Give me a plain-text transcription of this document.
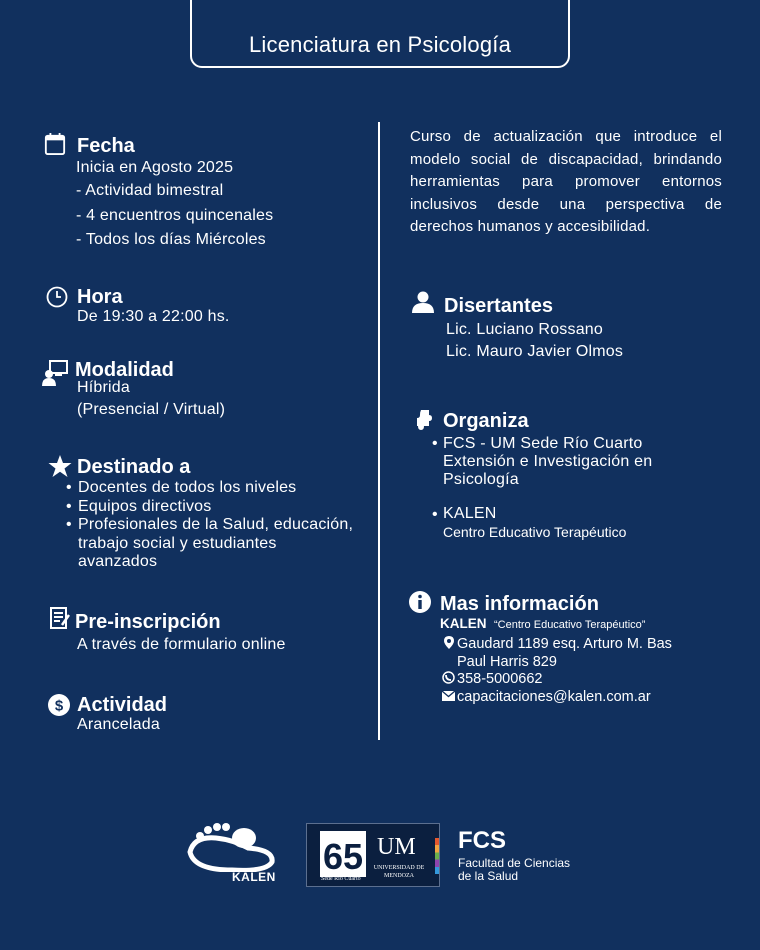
Licenciatura en Psicología
Fecha
Inicia en Agosto 2025
- Actividad bimestral
- 4 encuentros quincenales
- Todos los días Miércoles
Hora
De 19:30 a 22:00 hs.
Modalidad
Híbrida
(Presencial / Virtual)
Destinado a
• Docentes de todos los niveles
• Equipos directivos
• Profesionales de la Salud, educación, trabajo social y estudiantes avanzados
Pre-inscripción
A través de formulario online
$ Actividad
Arancelada
Curso de actualización que introduce el modelo social de discapacidad, brindando herramientas para promover entornos inclusivos desde una perspectiva de derechos humanos y accesibilidad.
Disertantes
Lic. Luciano Rossano
Lic. Mauro Javier Olmos
Organiza
• FCS - UM Sede Río Cuarto Extensión e Investigación en Psicología
• KALEN
Centro Educativo Terapéutico
Mas información
KALEN “Centro Educativo Terapéutico”
Gaudard 1189 esq. Arturo M. Bas
Paul Harris 829
358-5000662
capacitaciones@kalen.com.ar
KALEN 65
Sede Río Cuarto
UM
UNIVERSIDAD DE MENDOZA
FCS
Facultad de Ciencias
de la Salud
